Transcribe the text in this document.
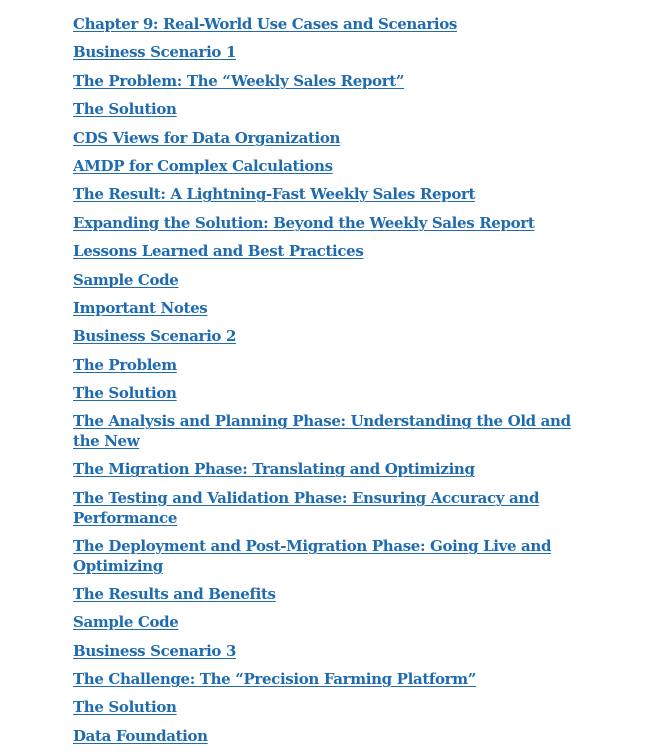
Chapter 9: Real-World Use Cases and Scenarios
Business Scenario 1
The Problem: The “Weekly Sales Report”
The Solution
CDS Views for Data Organization
AMDP for Complex Calculations
The Result: A Lightning-Fast Weekly Sales Report
Expanding the Solution: Beyond the Weekly Sales Report
Lessons Learned and Best Practices
Sample Code
Important Notes
Business Scenario 2
The Problem
The Solution
The Analysis and Planning Phase: Understanding the Old and the New
The Migration Phase: Translating and Optimizing
The Testing and Validation Phase: Ensuring Accuracy and Performance
The Deployment and Post-Migration Phase: Going Live and Optimizing
The Results and Benefits
Sample Code
Business Scenario 3
The Challenge: The “Precision Farming Platform”
The Solution
Data Foundation
